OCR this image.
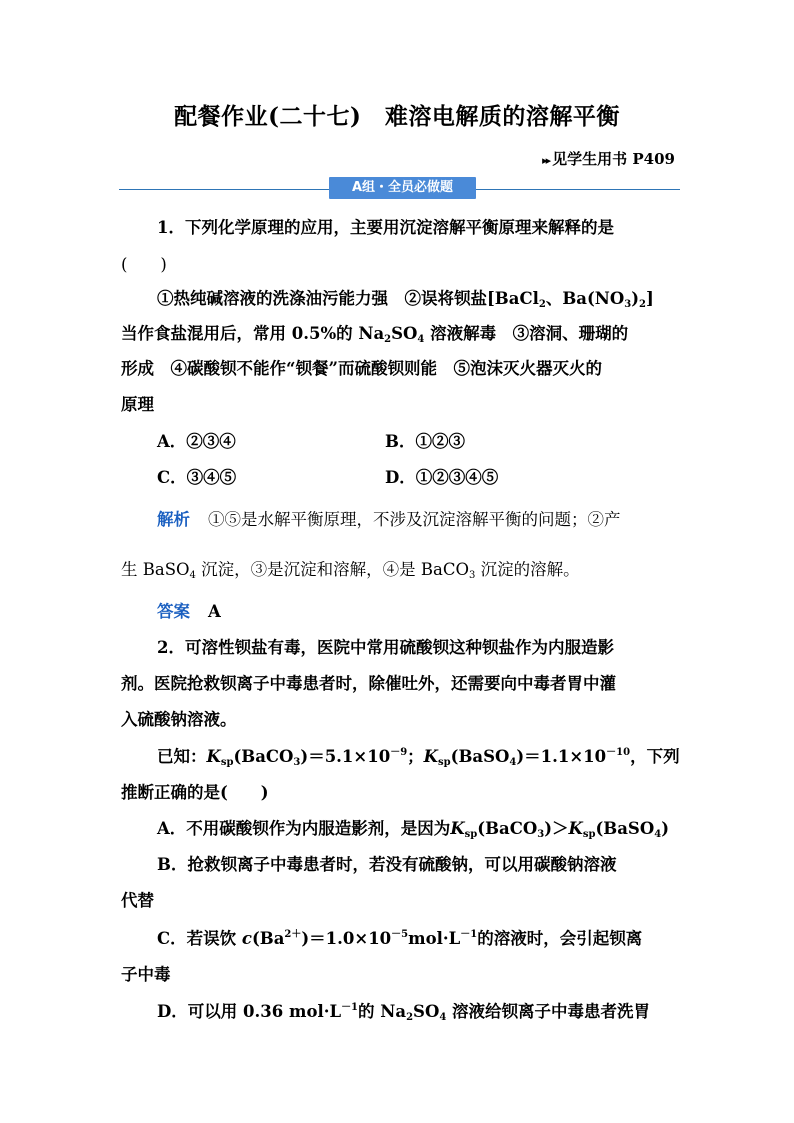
配餐作业(二十七)　难溶电解质的溶解平衡
▸▸ 见学生用书 P409
A组・全员必做题
1．下列化学原理的应用，主要用沉淀溶解平衡原理来解释的是
(　　)
①热纯碱溶液的洗涤油污能力强　②误将钡盐[BaCl$_2$、$Ba(NO_3)_2$]
当作食盐混用后，常用 0.5%的 $Na_2SO_4$ 溶液解毒　③溶洞、珊瑚的
形成　④碳酸钡不能作“钡餐”而硫酸钡则能　⑤泡沫灭火器灭火的
原理
A．②③④	B．①②③
C．③④⑤	D．①②③④⑤
解析 ①⑤是水解平衡原理，不涉及沉淀溶解平衡的问题；②产
生 BaSO$_4$ 沉淀，③是沉淀和溶解，④是 BaCO$_3$ 沉淀的溶解。
答案 A
2．可溶性钡盐有毒，医院中常用硫酸钡这种钡盐作为内服造影
剂。医院抢救钡离子中毒患者时，除催吐外，还需要向中毒者胃中灌
入硫酸钠溶液。
已知：$K_{sp}(BaCO_3)=5.1\times 10^{-9}$；$K_{sp}(BaSO_4)=1.1\times 10^{-10}$，下列
推断正确的是(　　)
A．不用碳酸钡作为内服造影剂，是因为$K_{sp}(BaCO_3)>K_{sp}(BaSO_4)$
B．抢救钡离子中毒患者时，若没有硫酸钠，可以用碳酸钠溶液
代替
C．若误饮 $c(Ba^{2+})=1.0\times 10^{-5}mol\cdot L^{-1}$的溶液时，会引起钡离
子中毒
D．可以用 0.36 $mol\cdot L^{-1}$的 $Na_2SO_4$ 溶液给钡离子中毒患者洗胃
